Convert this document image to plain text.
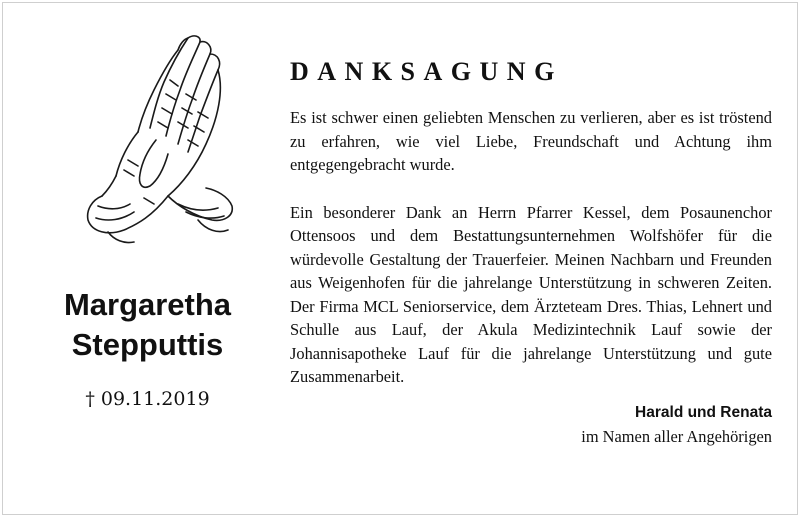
Margaretha
Stepputtis
† 09.11.2019
DANKSAGUNG

Es ist schwer einen geliebten Menschen zu verlieren, aber es ist tröstend zu erfahren, wie viel Liebe, Freundschaft und Achtung ihm entgegengebracht wurde.

Ein besonderer Dank an Herrn Pfarrer Kessel, dem Posaunenchor Ottensoos und dem Bestattungsunternehmen Wolfshöfer für die würdevolle Gestaltung der Trauerfeier. Meinen Nachbarn und Freunden aus Weigenhofen für die jahrelange Unterstützung in schweren Zeiten. Der Firma MCL Seniorservice, dem Ärzteteam Dres. Thias, Lehnert und Schulle aus Lauf, der Akula Medizintechnik Lauf sowie der Johannisapotheke Lauf für die jahrelange Unterstützung und gute Zusammenarbeit.

Harald und Renata
im Namen aller Angehörigen
